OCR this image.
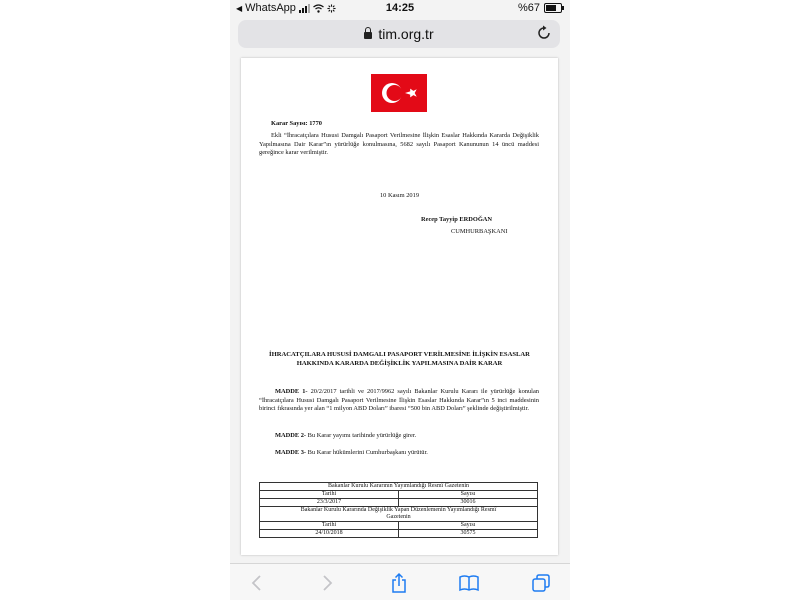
◀ WhatsApp	14:25	%67
tim.org.tr
Karar Sayısı: 1770
Ekli “İhracatçılara Hususi Damgalı Pasaport Verilmesine İlişkin Esaslar Hakkında Kararda Değişiklik Yapılmasına Dair Karar”ın yürürlüğe konulmasına, 5682 sayılı Pasaport Kanununun 14 üncü maddesi gereğince karar verilmiştir.
10 Kasım 2019
Recep Tayyip ERDOĞAN
CUMHURBAŞKANI
İHRACATÇILARA HUSUSİ DAMGALI PASAPORT VERİLMESİNE İLİŞKİN ESASLAR HAKKINDA KARARDA DEĞİŞİKLİK YAPILMASINA DAİR KARAR
MADDE 1- 20/2/2017 tarihli ve 2017/9962 sayılı Bakanlar Kurulu Kararı ile yürürlüğe konulan “İhracatçılara Hususi Damgalı Pasaport Verilmesine İlişkin Esaslar Hakkında Karar”ın 5 inci maddesinin birinci fıkrasında yer alan “1 milyon ABD Doları” ibaresi “500 bin ABD Doları” şeklinde değiştirilmiştir.
MADDE 2- Bu Karar yayımı tarihinde yürürlüğe girer.
MADDE 3- Bu Karar hükümlerini Cumhurbaşkanı yürütür.
Bakanlar Kurulu Kararının Yayımlandığı Resmî Gazetenin	
Tarihi	Sayısı
23/3/2017	30016
Bakanlar Kurulu Kararında Değişiklik Yapan Düzenlemenin Yayımlandığı Resmî Gazetenin	
Tarihi	Sayısı
24/10/2018	30575
